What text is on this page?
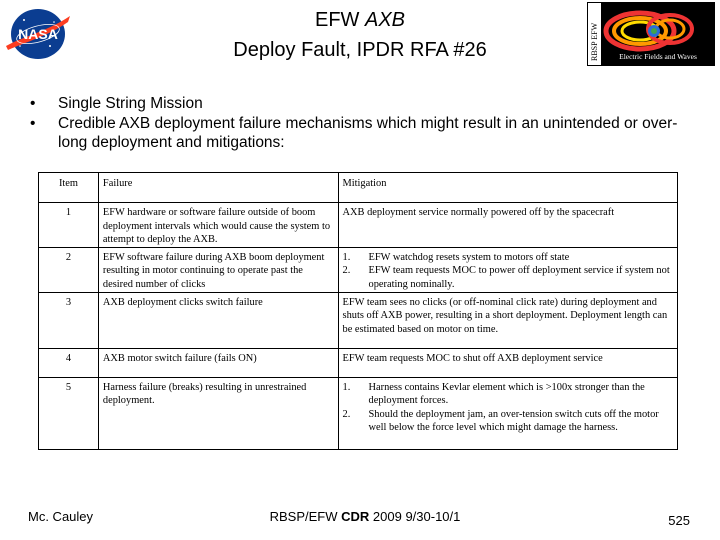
NASA
EFW AXB
Deploy Fault, IPDR RFA #26	RBSP EFW	Electric Fields and Waves
• Single String Mission
• Credible AXB deployment failure mechanisms which might result in an unintended or over-long deployment and mitigations:
Item	Failure	Mitigation
1	EFW hardware or software failure outside of boom deployment intervals which would cause the system to attempt to deploy the AXB.	AXB deployment service normally powered off by the spacecraft
2	EFW software failure during AXB boom deployment resulting in motor continuing to operate past the desired number of clicks	1. EFW watchdog resets system to motors off state
2. EFW team requests MOC to power off deployment service if system not operating nominally.

3	AXB deployment clicks switch failure	EFW team sees no clicks (or off-nominal click rate) during deployment and shuts off AXB power, resulting in a short deployment. Deployment length can be estimated based on motor on time.
4	AXB motor switch failure (fails ON)	EFW team requests MOC to shut off AXB deployment service
5	Harness failure (breaks) resulting in unrestrained deployment.	1. Harness contains Kevlar element which is >100x stronger than the deployment forces.
2. Should the deployment jam, an over-tension switch cuts off the motor well below the force level which might damage the harness.
Mc. Cauley	RBSP/EFW CDR 2009 9/30-10/1	525
